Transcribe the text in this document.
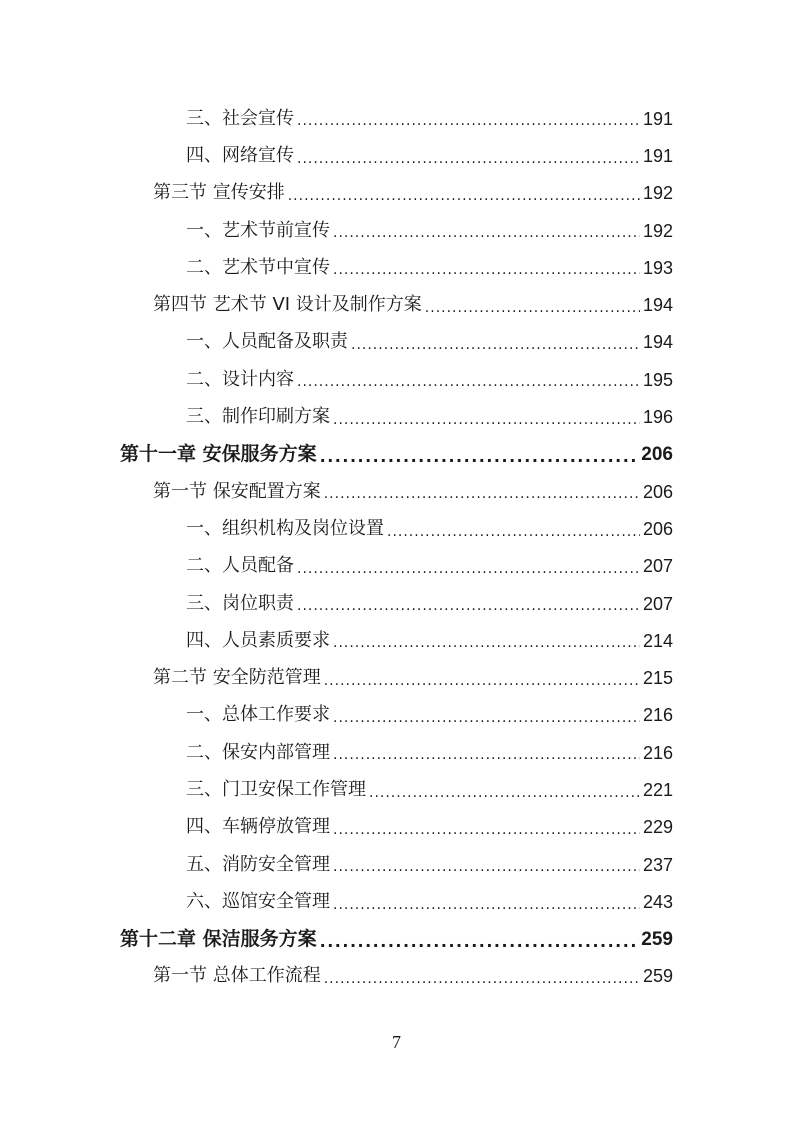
三、社会宣传 .....	191
四、网络宣传 .....	191
第三节 宣传安排 .....	192
一、艺术节前宣传 .....	192
二、艺术节中宣传 .....	193
第四节 艺术节 VI 设计及制作方案 .....	194
一、人员配备及职责 .....	194
二、设计内容 .....	195
三、制作印刷方案 .....	196
第十一章 安保服务方案 .....	206
第一节 保安配置方案 .....	206
一、组织机构及岗位设置 .....	206
二、人员配备 .....	207
三、岗位职责 .....	207
四、人员素质要求 .....	214
第二节 安全防范管理 .....	215
一、总体工作要求 .....	216
二、保安内部管理 .....	216
三、门卫安保工作管理 .....	221
四、车辆停放管理 .....	229
五、消防安全管理 .....	237
六、巡馆安全管理 .....	243
第十二章 保洁服务方案 .....	259
第一节 总体工作流程 .....	259
7
